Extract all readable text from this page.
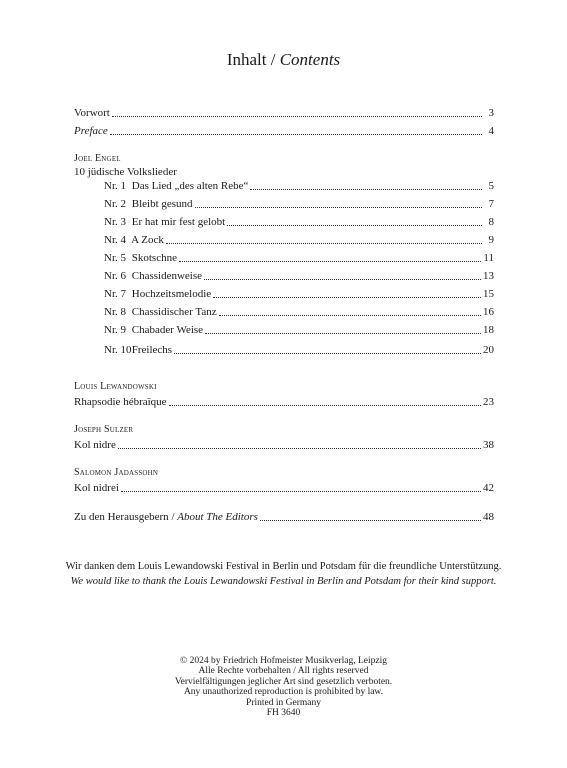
Inhalt / Contents
Vorwort	3
Preface	4
Joel Engel
10 jüdische Volkslieder
Nr. 1 Das Lied „des alten Rebe“	5
Nr. 2 Bleibt gesund	7
Nr. 3 Er hat mir fest gelobt	8
Nr. 4 A Zock	9
Nr. 5 Skotschne	11
Nr. 6 Chassidenweise	13
Nr. 7 Hochzeitsmelodie	15
Nr. 8 Chassidischer Tanz	16
Nr. 9 Chabader Weise	18
Nr. 10 Freilechs	20
Louis Lewandowski
Rhapsodie hébraïque	23
Joseph Sulzer
Kol nidre	38
Salomon Jadassohn
Kol nidrei	42
Zu den Herausgebern / About The Editors	48
Wir danken dem Louis Lewandowski Festival in Berlin und Potsdam für die freundliche Unterstützung.
We would like to thank the Louis Lewandowski Festival in Berlin and Potsdam for their kind support.
© 2024 by Friedrich Hofmeister Musikverlag, Leipzig
Alle Rechte vorbehalten / All rights reserved
Vervielfältigungen jeglicher Art sind gesetzlich verboten.
Any unauthorized reproduction is prohibited by law.
Printed in Germany
FH 3640
